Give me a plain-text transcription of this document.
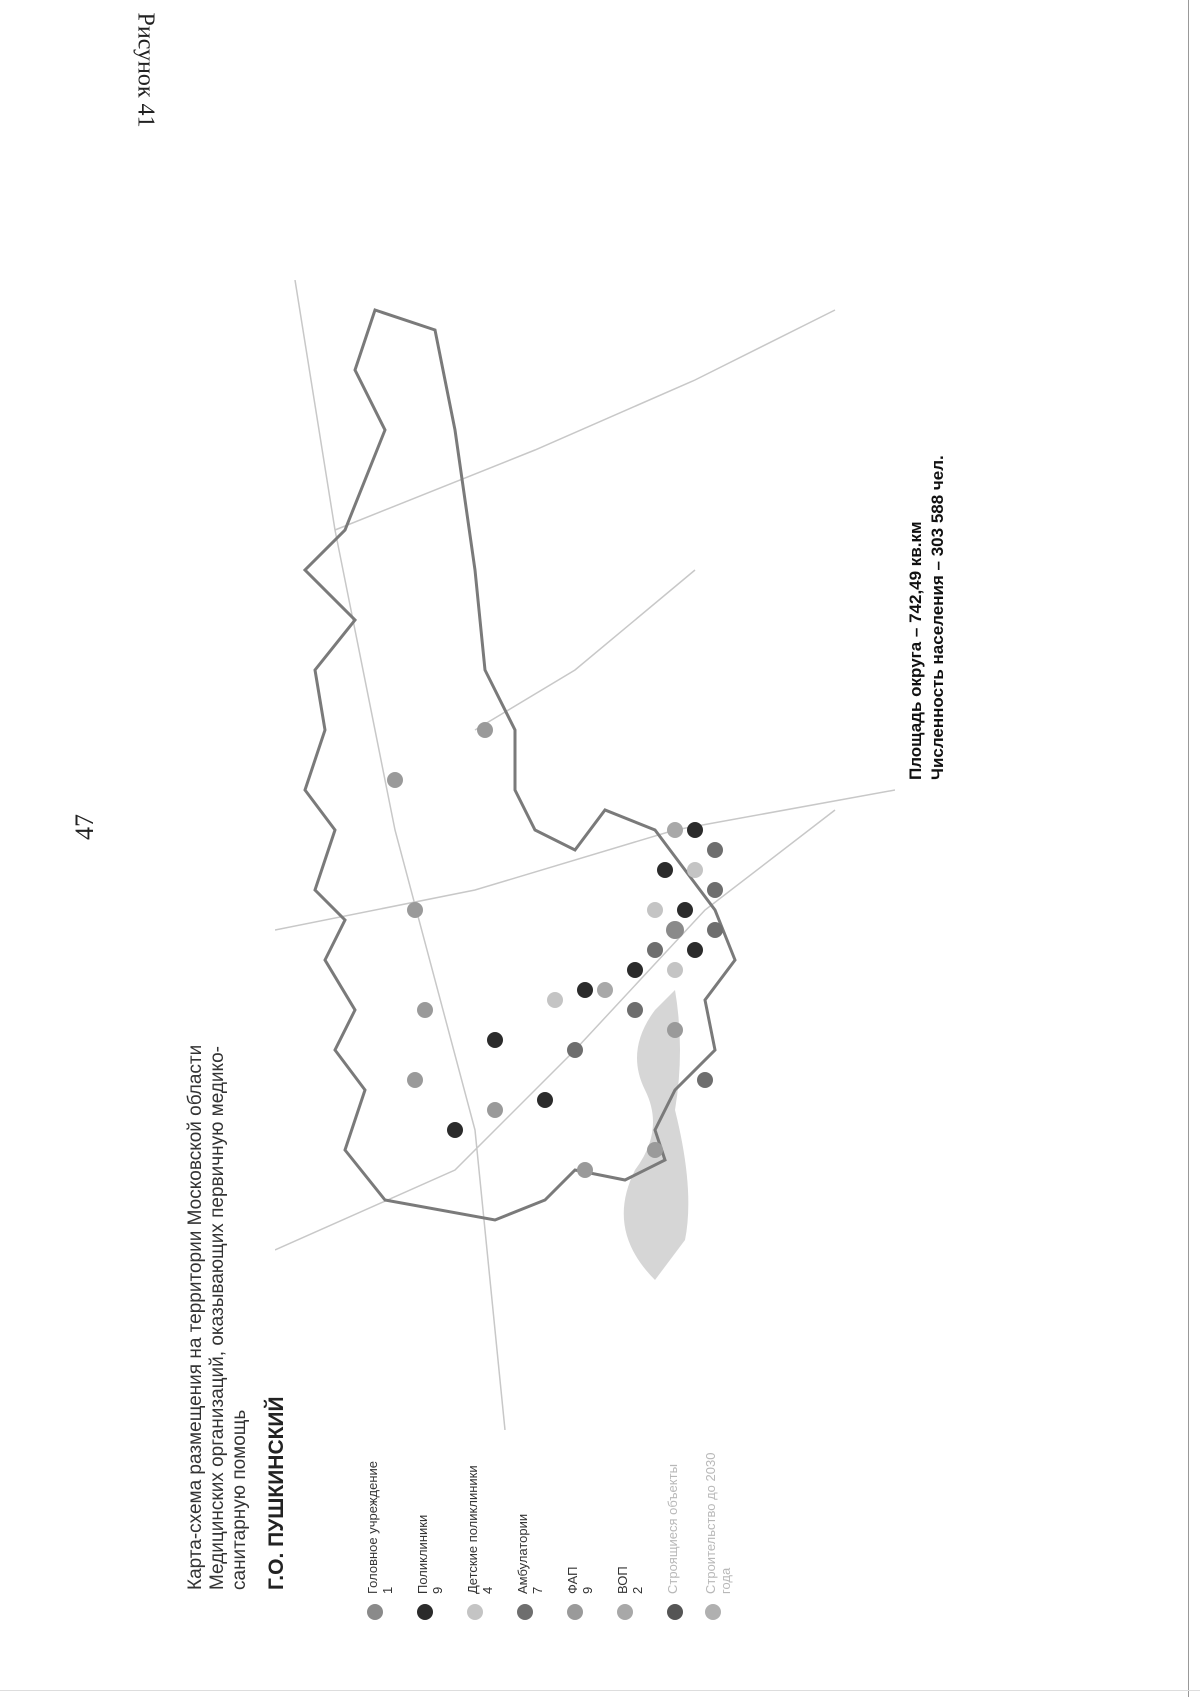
47
Рисунок 41

Карта-схема размещения на территории Московской области Медицинских организаций, оказывающих первичную медико-санитарную помощь Г.О. ПУШКИНСКИЙ	Головное учреждение 1 Поликлиники 9 Детские поликлиники 4 Амбулатории 7 ФАП 9 ВОП 2 Строящиеся объекты Строительство до 2030 года
Площадь округа – 742,49 кв.км Численность населения – 303 588 чел.
